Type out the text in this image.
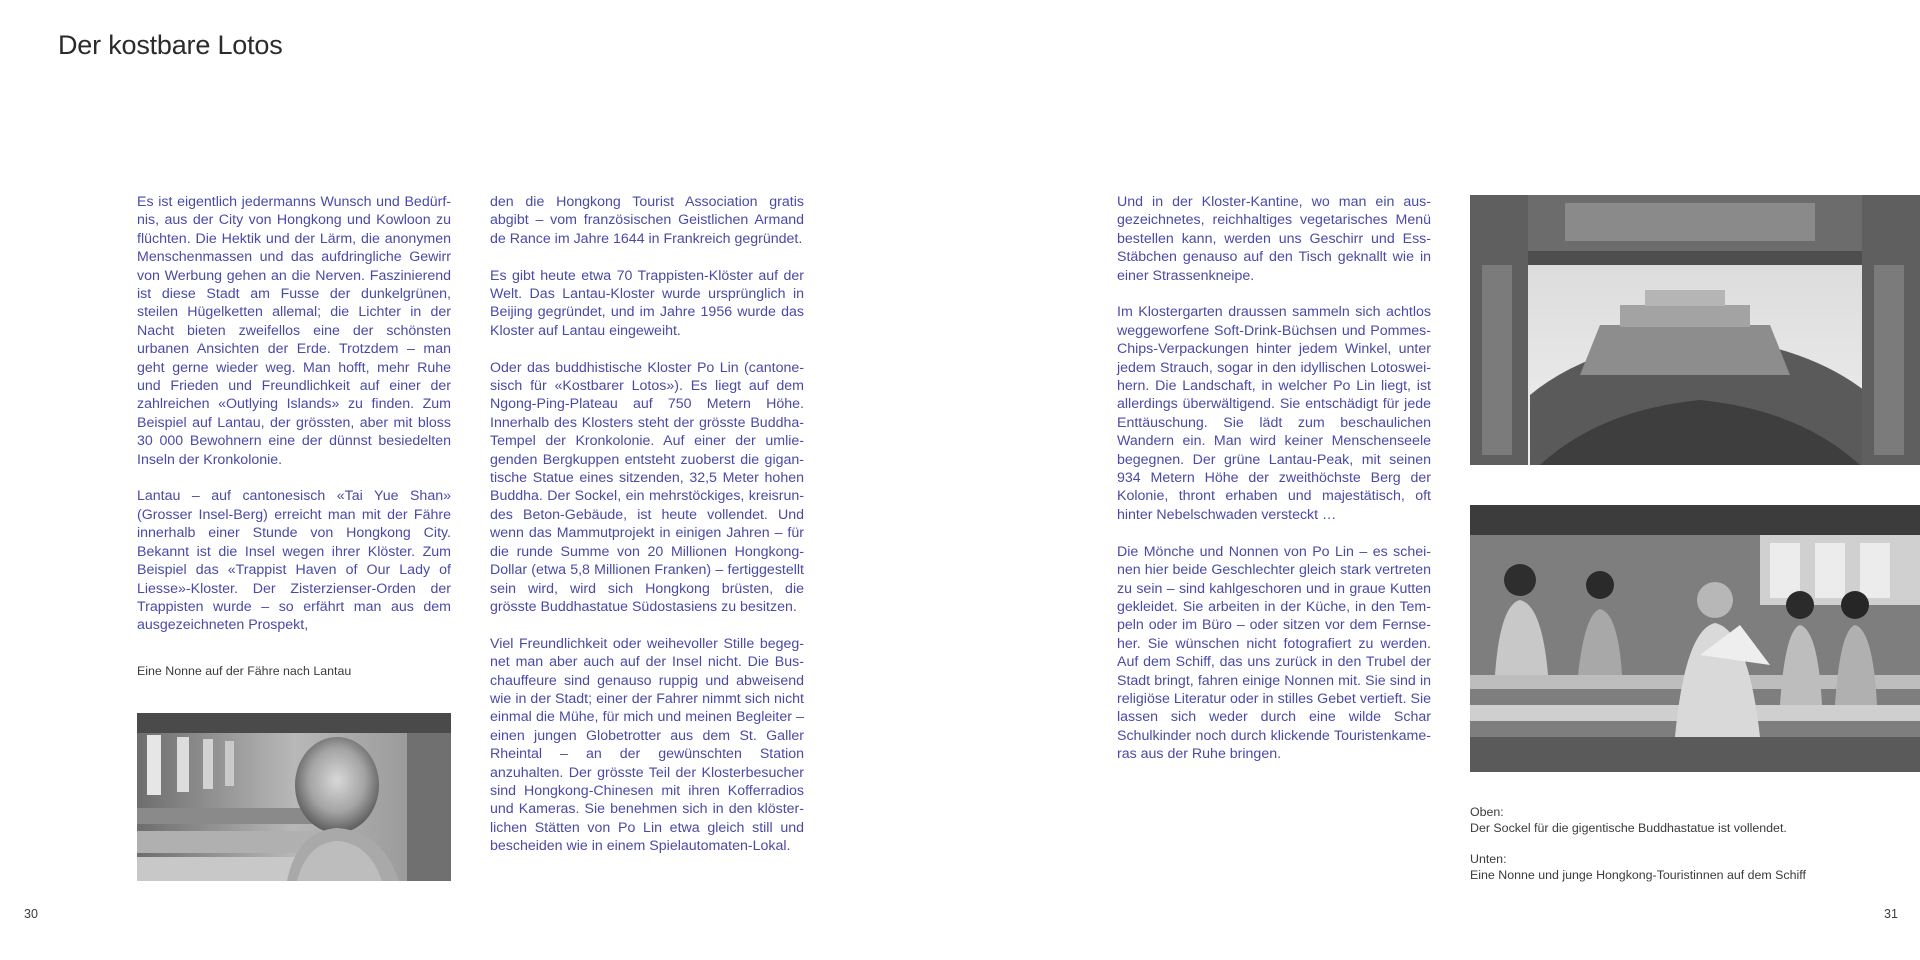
Der kostbare Lotos

Es ist eigentlich jedermanns Wunsch und Bedürfnis, aus der City von Hongkong und Kowloon zu flüchten. Die Hektik und der Lärm, die anonymen Menschenmassen und das aufdringliche Gewirr von Werbung gehen an die Nerven. Faszinierend ist diese Stadt am Fusse der dunkelgrünen, steilen Hügelketten allemal; die Lichter in der Nacht bieten zweifellos eine der schönsten urbanen Ansichten der Erde. Trotzdem – man geht gerne wieder weg. Man hofft, mehr Ruhe und Frieden und Freundlichkeit auf einer der zahlreichen «Outlying Islands» zu finden. Zum Beispiel auf Lantau, der grössten, aber mit bloss 30 000 Bewohnern eine der dünnst besiedelten Inseln der Kronkolonie.

Lantau – auf cantonesisch «Tai Yue Shan» (Grosser Insel-Berg) erreicht man mit der Fähre innerhalb einer Stunde von Hongkong City. Bekannt ist die Insel wegen ihrer Klöster. Zum Beispiel das «Trappist Haven of Our Lady of Liesse»-Kloster. Der Zisterzienser-Orden der Trappisten wurde – so erfährt man aus dem ausgezeichneten Prospekt,

Eine Nonne auf der Fähre nach Lantau

den die Hongkong Tourist Association gratis abgibt – vom französischen Geistlichen Armand de Rance im Jahre 1644 in Frankreich gegründet.

Es gibt heute etwa 70 Trappisten-Klöster auf der Welt. Das Lantau-Kloster wurde ursprünglich in Beijing gegründet, und im Jahre 1956 wurde das Kloster auf Lantau eingeweiht.

Oder das buddhistische Kloster Po Lin (cantonesisch für «Kostbarer Lotos»). Es liegt auf dem Ngong-Ping-Plateau auf 750 Metern Höhe. Innerhalb des Klosters steht der grösste Buddha-Tempel der Kronkolonie. Auf einer der umliegenden Bergkuppen entsteht zuoberst die gigantische Statue eines sitzenden, 32,5 Meter hohen Buddha. Der Sockel, ein mehrstöckiges, kreisrundes Beton-Gebäude, ist heute vollendet. Und wenn das Mammutprojekt in einigen Jahren – für die runde Summe von 20 Millionen Hongkong-Dollar (etwa 5,8 Millionen Franken) – fertiggestellt sein wird, wird sich Hongkong brüsten, die grösste Buddhastatue Südostasiens zu besitzen.

Viel Freundlichkeit oder weihevoller Stille begegnet man aber auch auf der Insel nicht. Die Buschauffeure sind genauso ruppig und abweisend wie in der Stadt; einer der Fahrer nimmt sich nicht einmal die Mühe, für mich und meinen Begleiter – einen jungen Globetrotter aus dem St. Galler Rheintal – an der gewünschten Station anzuhalten. Der grösste Teil der Klosterbesucher sind Hongkong-Chinesen mit ihren Kofferradios und Kameras. Sie benehmen sich in den klösterlichen Stätten von Po Lin etwa gleich still und bescheiden wie in einem Spielautomaten-Lokal.

Und in der Kloster-Kantine, wo man ein ausgezeichnetes, reichhaltiges vegetarisches Menü bestellen kann, werden uns Geschirr und Ess-Stäbchen genauso auf den Tisch geknallt wie in einer Strassenkneipe.

Im Klostergarten draussen sammeln sich achtlos weggeworfene Soft-Drink-Büchsen und Pommes-Chips-Verpackungen hinter jedem Winkel, unter jedem Strauch, sogar in den idyllischen Lotosweihern. Die Landschaft, in welcher Po Lin liegt, ist allerdings überwältigend. Sie entschädigt für jede Enttäuschung. Sie lädt zum beschaulichen Wandern ein. Man wird keiner Menschenseele begegnen. Der grüne Lantau-Peak, mit seinen 934 Metern Höhe der zweithöchste Berg der Kolonie, thront erhaben und majestätisch, oft hinter Nebelschwaden versteckt …

Die Mönche und Nonnen von Po Lin – es scheinen hier beide Geschlechter gleich stark vertreten zu sein – sind kahlgeschoren und in graue Kutten gekleidet. Sie arbeiten in der Küche, in den Tempeln oder im Büro – oder sitzen vor dem Fernseher. Sie wünschen nicht fotografiert zu werden. Auf dem Schiff, das uns zurück in den Trubel der Stadt bringt, fahren einige Nonnen mit. Sie sind in religiöse Literatur oder in stilles Gebet vertieft. Sie lassen sich weder durch eine wilde Schar Schulkinder noch durch klickende Touristenkameras aus der Ruhe bringen.

Oben:

Der Sockel für die gigentische Buddhastatue ist vollendet.

Unten:

Eine Nonne und junge Hongkong-Touristinnen auf dem Schiff

30	31
